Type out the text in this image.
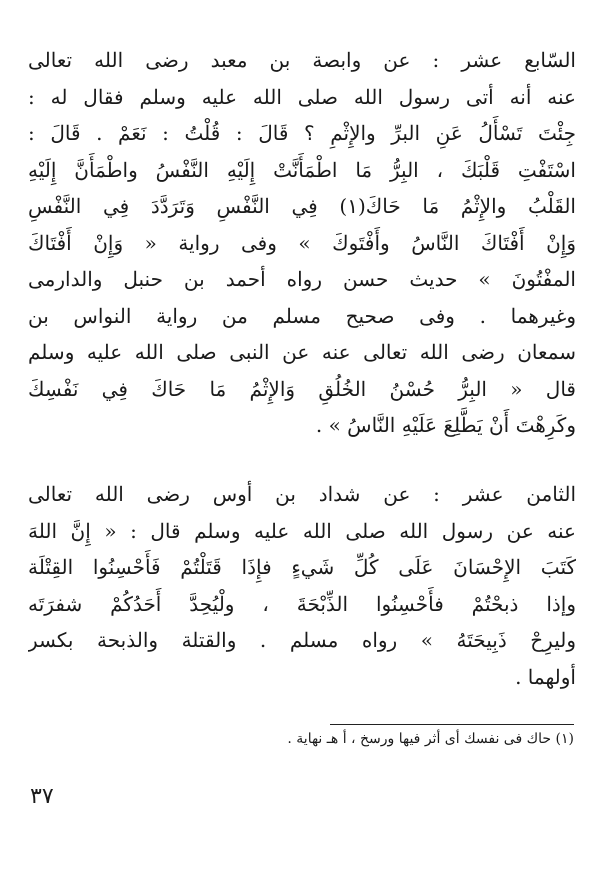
السّابع عشر : عن وابصة بن معبد رضى الله تعالى
عنه أنه أتى رسول الله صلى الله عليه وسلم فقال له :
جِئْتَ تَسْأَلُ عَنِ البرِّ والإِثْمِ ؟ قَالَ : قُلْتُ : نَعَمْ . قَالَ :
اسْتَفْتِ قَلْبَكَ ، البِرُّ مَا اطْمَأَنَّتْ إِلَيْهِ النَّفْسُ واطْمَأَنَّ إِلَيْهِ
القَلْبُ والإِثْمُ مَا حَاكَ(١) فِي النَّفْسِ وَتَرَدَّدَ فِي النَّفْسِ
وَإِنْ أَفْتَاكَ النَّاسُ وأَفْتَوكَ » وفى رواية « وَإِنْ أَفْتَاكَ
المفْتُونَ » حديث حسن رواه أحمد بن حنبل والدارمى
وغيرهما . وفى صحيح مسلم من رواية النواس بن
سمعان رضى الله تعالى عنه عن النبى صلى الله عليه وسلم
قال « البِرُّ حُسْنُ الخُلُقِ وَالإِثْمُ مَا حَاكَ فِي نَفْسِكَ
وكَرِهْتَ أَنْ يَطَّلِعَ عَلَيْهِ النَّاسُ » .
الثامن عشر : عن شداد بن أوس رضى الله تعالى
عنه عن رسول الله صلى الله عليه وسلم قال : « إِنَّ اللهَ
كَتَبَ الإِحْسَانَ عَلَى كُلِّ شَيءٍ فإِذَا قَتَلْتُمْ فَأَحْسِنُوا القِتْلَة
وإذا ذبحْتُمْ فأَحْسِنُوا الذِّبْحَةَ ، ولْيُحِدَّ أَحَدُكُمْ شفرَتَه
وليرِحْ ذَبِيحَتَهُ » رواه مسلم . والقتلة والذبحة بكسر
أولهما .
(١) حاك فى نفسك أى أثر فيها ورسخ ، أ هـ نهاية .
٣٧
